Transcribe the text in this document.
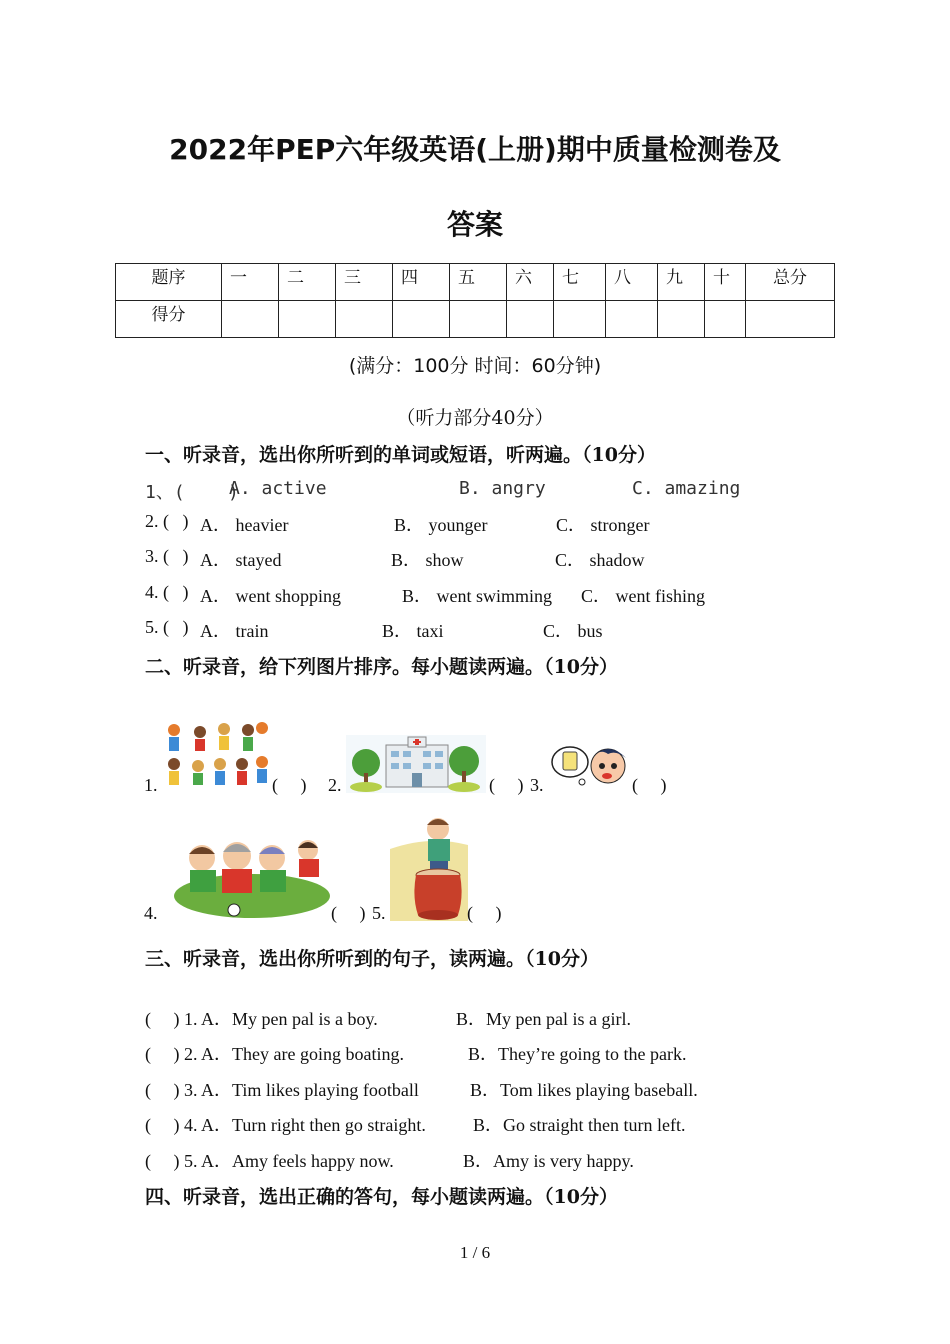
2022年PEP六年级英语(上册)期中质量检测卷及
答案
题序	一	二	三	四	五	六	七	八	九	十	总分
得分											
(满分：100分 时间：60分钟)
（听力部分40分）
一、听录音，选出你所听到的单词或短语，听两遍。（10分）
1、(    )
A. active	B. angry	C. amazing
2. (   ) A． heavier	B． younger	C． stronger
3. (   ) A． stayed	B． show	C． shadow
4. (   ) A． went shopping	B． went swimming C． went fishing
5. (   ) A． train	B． taxi	C． bus
二、听录音，给下列图片排序。每小题读两遍。（10分）
1.	(     ) 2.	(     ) 3.	(     )
4.	(     ) 5.	(     )
三、听录音，选出你所听到的句子，读两遍。（10分）
(     ) 1. A．My pen pal is a boy.	B．My pen pal is a girl.
(     ) 2. A．They are going boating.	B．They’re going to the park.
(     ) 3. A．Tim likes playing football	B．Tom likes playing baseball.
(     ) 4. A．Turn right then go straight.	B．Go straight then turn left.
(     ) 5. A．Amy feels happy now.	B．Amy is very happy.
四、听录音，选出正确的答句，每小题读两遍。（10分）
1 / 6
